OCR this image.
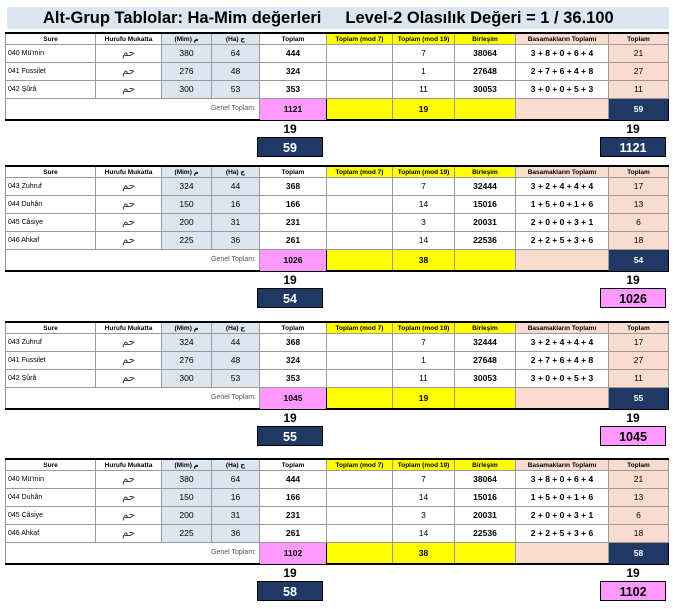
Alt-Grup Tablolar: Ha-Mim değerleri Level-2 Olasılık Değeri = 1 / 36.100
Sure	Hurufu Mukatta	(Mim) م	(Ha) ح	Toplam	Toplam (mod 7)	Toplam (mod 19)	Birleşim	Basamakların Toplamı	Toplam
040 Mü'min	حم	380	64	444		7	38064	3 + 8 + 0 + 6 + 4	21
041 Fussilet	حم	276	48	324		1	27648	2 + 7 + 6 + 4 + 8	27
042 Şûrâ	حم	300	53	353		11	30053	3 + 0 + 0 + 5 + 3	11
Genel Toplam:				1121		19			59
19
59
19
1121
Sure	Hurufu Mukatta	(Mim) م	(Ha) ح	Toplam	Toplam (mod 7)	Toplam (mod 19)	Birleşim	Basamakların Toplamı	Toplam
043 Zuhruf	حم	324	44	368		7	32444	3 + 2 + 4 + 4 + 4	17
044 Duhân	حم	150	16	166		14	15016	1 + 5 + 0 + 1 + 6	13
045 Câsiye	حم	200	31	231		3	20031	2 + 0 + 0 + 3 + 1	6
046 Ahkaf	حم	225	36	261		14	22536	2 + 2 + 5 + 3 + 6	18
Genel Toplam:				1026		38			54
19
54
19
1026
Sure	Hurufu Mukatta	(Mim) م	(Ha) ح	Toplam	Toplam (mod 7)	Toplam (mod 19)	Birleşim	Basamakların Toplamı	Toplam
043 Zuhruf	حم	324	44	368		7	32444	3 + 2 + 4 + 4 + 4	17
041 Fussilet	حم	276	48	324		1	27648	2 + 7 + 6 + 4 + 8	27
042 Şûrâ	حم	300	53	353		11	30053	3 + 0 + 0 + 5 + 3	11
Genel Toplam:				1045		19			55
19
55
19
1045
Sure	Hurufu Mukatta	(Mim) م	(Ha) ح	Toplam	Toplam (mod 7)	Toplam (mod 19)	Birleşim	Basamakların Toplamı	Toplam
040 Mü'min	حم	380	64	444		7	38064	3 + 8 + 0 + 6 + 4	21
044 Duhân	حم	150	16	166		14	15016	1 + 5 + 0 + 1 + 6	13
045 Câsiye	حم	200	31	231		3	20031	2 + 0 + 0 + 3 + 1	6
046 Ahkaf	حم	225	36	261		14	22536	2 + 2 + 5 + 3 + 6	18
Genel Toplam:				1102		38			58
19
58
19
1102
